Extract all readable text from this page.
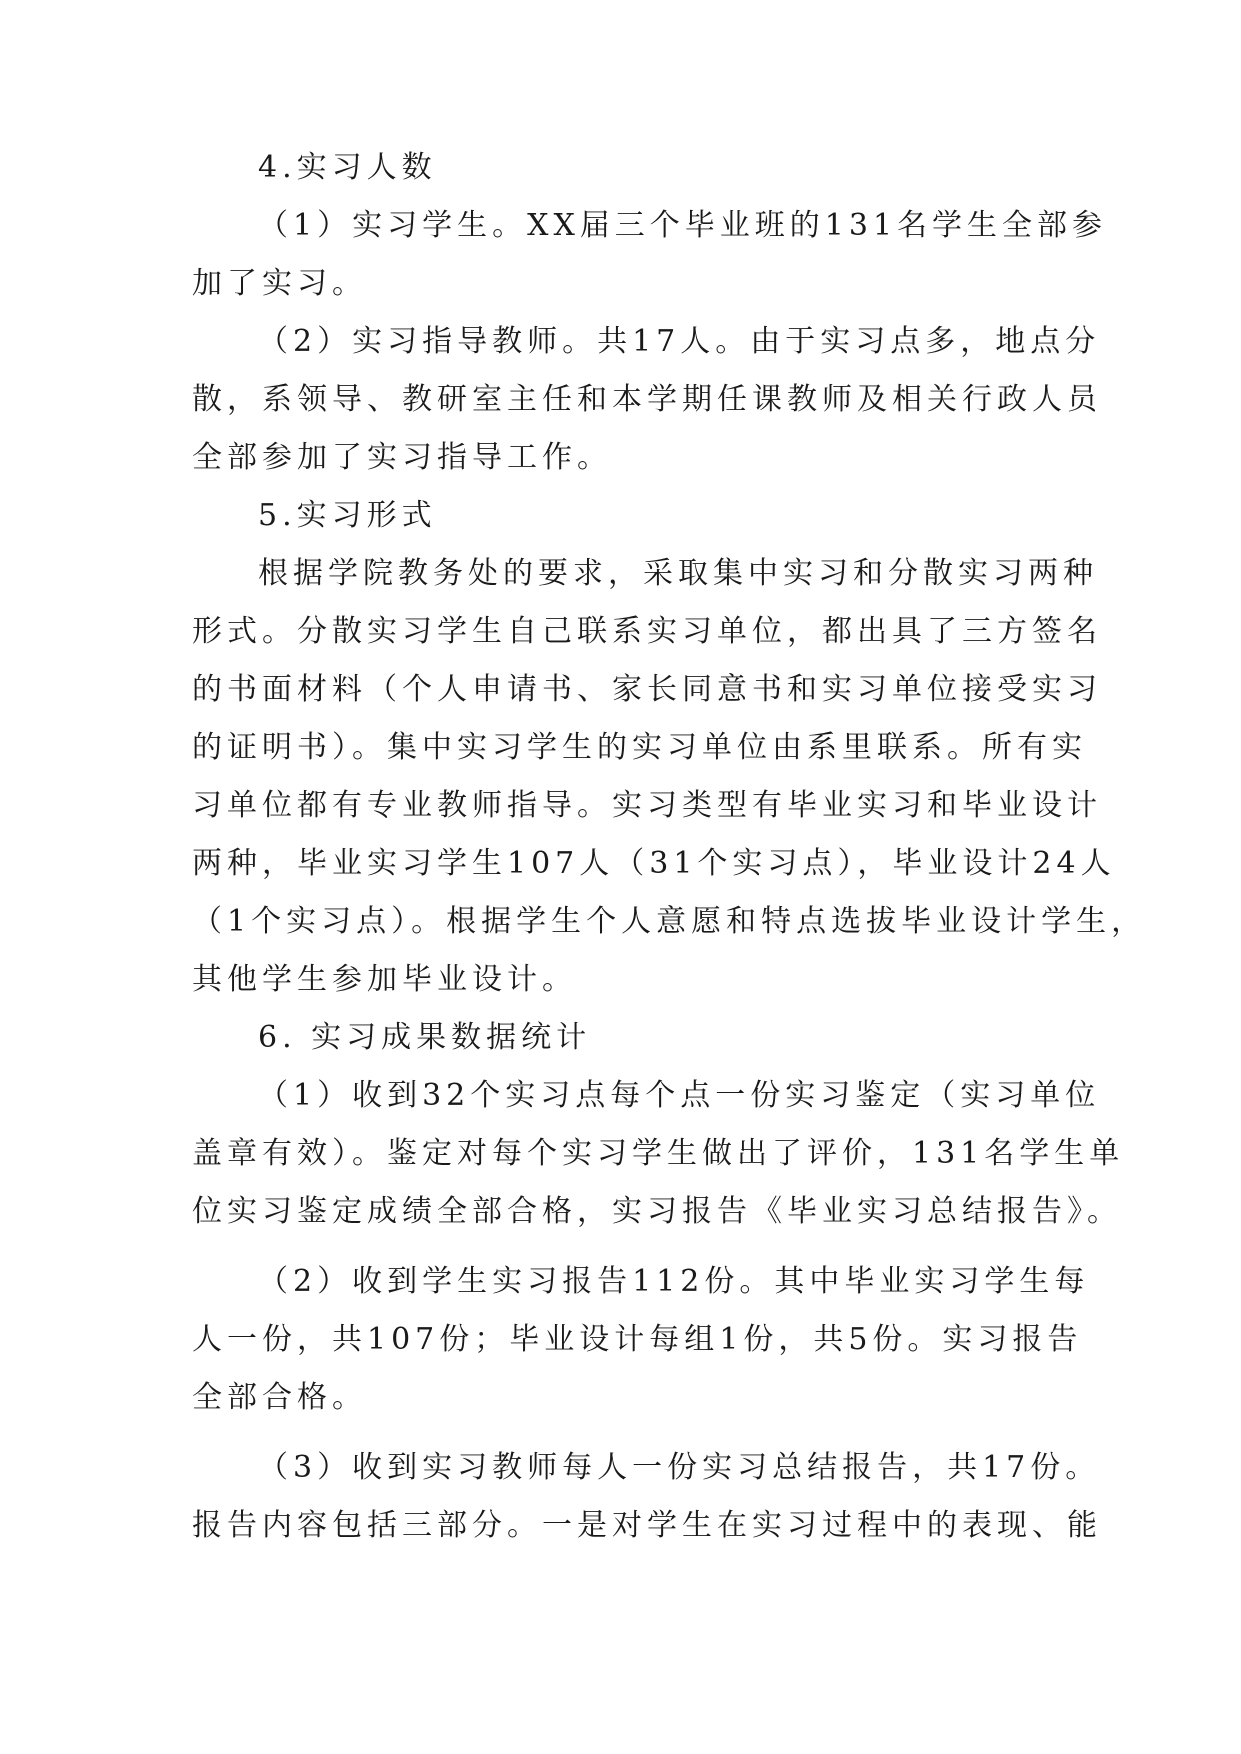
4.实习人数
（1）实习学生。XX届三个毕业班的131名学生全部参
加了实习。
（2）实习指导教师。共17人。由于实习点多，地点分
散，系领导、教研室主任和本学期任课教师及相关行政人员
全部参加了实习指导工作。
5.实习形式
根据学院教务处的要求，采取集中实习和分散实习两种
形式。分散实习学生自己联系实习单位，都出具了三方签名
的书面材料（个人申请书、家长同意书和实习单位接受实习
的证明书）。集中实习学生的实习单位由系里联系。所有实
习单位都有专业教师指导。实习类型有毕业实习和毕业设计
两种，毕业实习学生107人（31个实习点），毕业设计24人
（1个实习点）。根据学生个人意愿和特点选拔毕业设计学生，
其他学生参加毕业设计。
6. 实习成果数据统计
（1）收到32个实习点每个点一份实习鉴定（实习单位
盖章有效）。鉴定对每个实习学生做出了评价，131名学生单
位实习鉴定成绩全部合格，实习报告《毕业实习总结报告》。
（2）收到学生实习报告112份。其中毕业实习学生每
人一份，共107份；毕业设计每组1份，共5份。实习报告
全部合格。
（3）收到实习教师每人一份实习总结报告，共17份。
报告内容包括三部分。一是对学生在实习过程中的表现、能
